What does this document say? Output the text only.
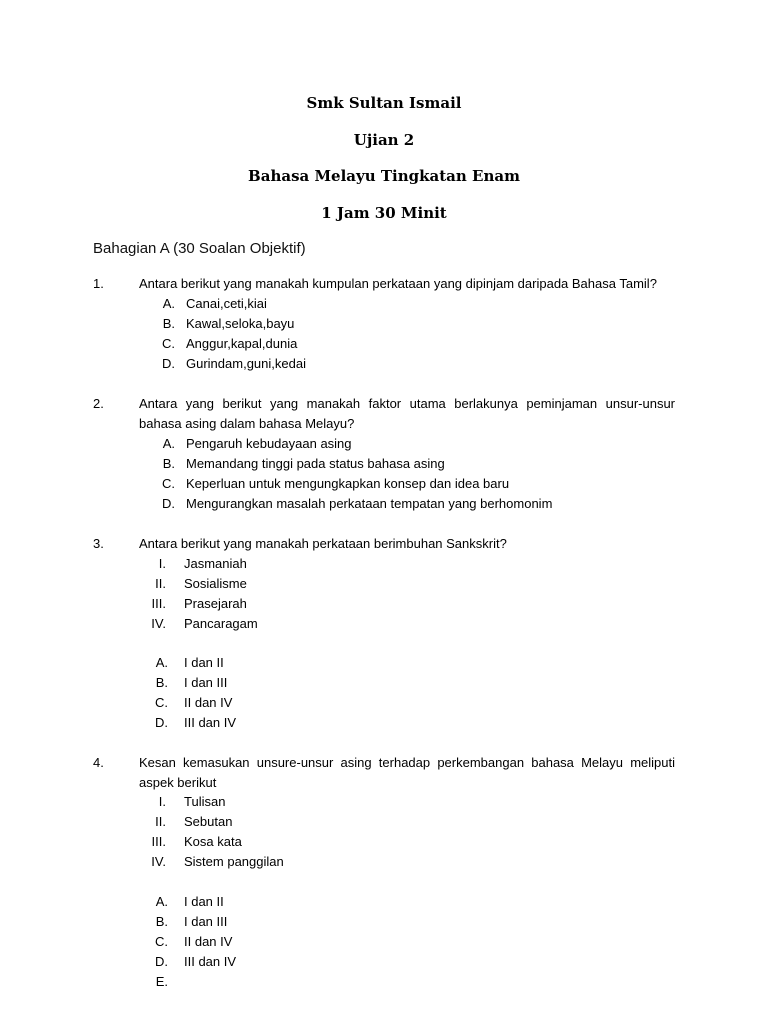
Smk Sultan Ismail
Ujian 2
Bahasa Melayu Tingkatan Enam
1 Jam 30 Minit
Bahagian A (30 Soalan Objektif)
1.	Antara berikut yang manakah kumpulan perkataan yang dipinjam daripada Bahasa Tamil?
A. Canai,ceti,kiai
B. Kawal,seloka,bayu
C. Anggur,kapal,dunia
D. Gurindam,guni,kedai
2.	Antara yang berikut yang manakah faktor utama berlakunya peminjaman unsur-unsur bahasa asing dalam bahasa Melayu?
A. Pengaruh kebudayaan asing
B. Memandang tinggi pada status bahasa asing
C. Keperluan untuk mengungkapkan konsep dan idea baru
D. Mengurangkan masalah perkataan tempatan yang berhomonim
3.	Antara berikut yang manakah perkataan berimbuhan Sankskrit?
I. Jasmaniah
II. Sosialisme
III. Prasejarah
IV. Pancaragam
A. I dan II
B. I dan III
C. II dan IV
D. III dan IV
4.	Kesan kemasukan unsure-unsur asing terhadap perkembangan bahasa Melayu meliputi aspek berikut
I. Tulisan
II. Sebutan
III. Kosa kata
IV. Sistem panggilan
A. I dan II
B. I dan III
C. II dan IV
D. III dan IV
E.
